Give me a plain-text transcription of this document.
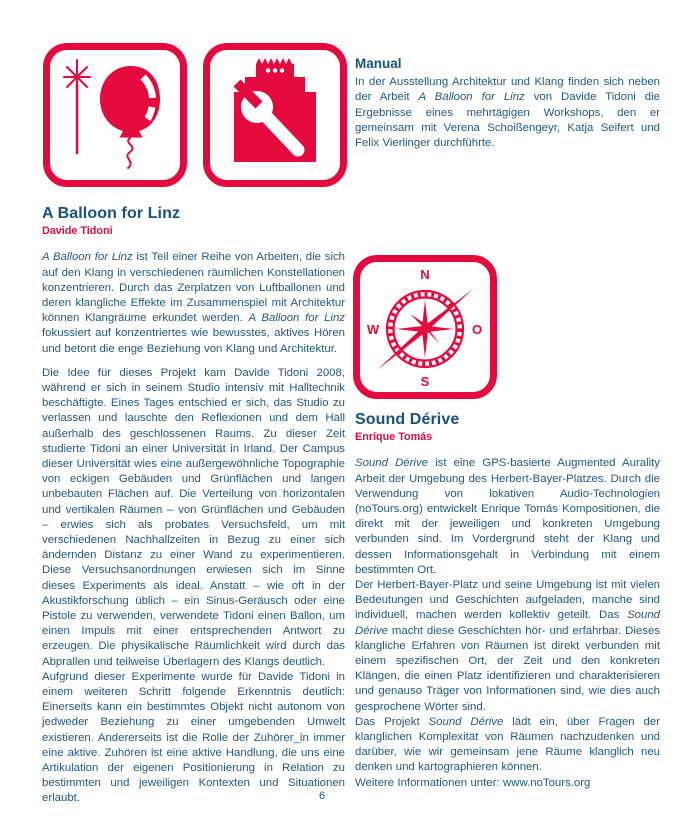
N
W	O
S
Manual

In der Ausstellung Architektur und Klang finden sich neben der Arbeit A Balloon for Linz von Davide Tidoni die Ergebnisse eines mehrtägigen Workshops, den er gemeinsam mit Verena Schoißengeyr, Katja Seifert und Felix Vierlinger durchführte.

A Balloon for Linz
Davide Tidoni

A Balloon for Linz ist Teil einer Reihe von Arbeiten, die sich auf den Klang in verschiedenen räumlichen Konstellationen konzentrieren. Durch das Zerplatzen von Luftballonen und deren klangliche Effekte im Zusammenspiel mit Architektur können Klangräume erkundet werden. A Balloon for Linz fokussiert auf konzentriertes wie bewusstes, aktives Hören und betont die enge Beziehung von Klang und Architektur.

Die Idee für dieses Projekt kam Davide Tidoni 2008, während er sich in seinem Studio intensiv mit Halltechnik beschäftigte. Eines Tages entschied er sich, das Studio zu verlassen und lauschte den Reflexionen und dem Hall außerhalb des geschlossenen Raums. Zu dieser Zeit studierte Tidoni an einer Universität in Irland. Der Campus dieser Universität wies eine außergewöhnliche Topographie von eckigen Gebäuden und Grünflächen und langen unbebauten Flächen auf. Die Verteilung von horizontalen und vertikalen Räumen – von Grünflächen und Gebäuden – erwies sich als probates Versuchsfeld, um mit verschiedenen Nachhallzeiten in Bezug zu einer sich ändernden Distanz zu einer Wand zu experimentieren. Diese Versuchsanordnungen erwiesen sich im Sinne dieses Experiments als ideal. Anstatt – wie oft in der Akustikforschung üblich – ein Sinus-Geräusch oder eine Pistole zu verwenden, verwendete Tidoni einen Ballon, um einen Impuls mit einer entsprechenden Antwort zu erzeugen. Die physikalische Räumlichkeit wird durch das Abprallen und teilweise Überlagern des Klangs deutlich.

Aufgrund dieser Experimente wurde für Davide Tidoni in einem weiteren Schritt folgende Erkenntnis deutlich: Einerseits kann ein bestimmtes Objekt nicht autonom von jedweder Beziehung zu einer umgebenden Umwelt existieren. Andererseits ist die Rolle der Zuhörer_in immer eine aktive. Zuhören ist eine aktive Handlung, die uns eine Artikulation der eigenen Positionierung in Relation zu bestimmten und jeweiligen Kontexten und Situationen erlaubt.

Sound Dérive
Enrique Tomás

Sound Dérive ist eine GPS-basierte Augmented Aurality Arbeit der Umgebung des Herbert-Bayer-Platzes. Durch die Verwendung von lokativen Audio-Technologien (noTours.org) entwickelt Enrique Tomás Kompositionen, die direkt mit der jeweiligen und konkreten Umgebung verbunden sind. Im Vordergrund steht der Klang und dessen Informationsgehalt in Verbindung mit einem bestimmten Ort.

Der Herbert-Bayer-Platz und seine Umgebung ist mit vielen Bedeutungen und Geschichten aufgeladen, manche sind individuell, machen werden kollektiv geteilt. Das Sound Dérive macht diese Geschichten hör- und erfahrbar. Dieses klangliche Erfahren von Räumen ist direkt verbunden mit einem spezifischen Ort, der Zeit und den konkreten Klängen, die einen Platz identifizieren und charakterisieren und genauso Träger von Informationen sind, wie dies auch gesprochene Wörter sind.

Das Projekt Sound Dérive lädt ein, über Fragen der klanglichen Komplexität von Räumen nachzudenken und darüber, wie wir gemeinsam jene Räume klanglich neu denken und kartographieren können.

Weitere Informationen unter: www.noTours.org

6
